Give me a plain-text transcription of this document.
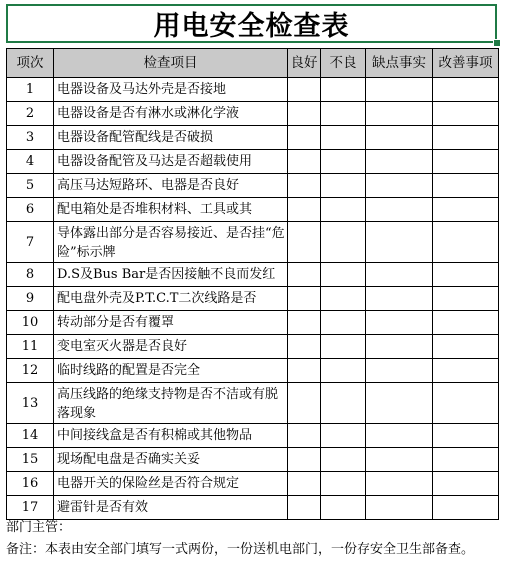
用电安全检查表
项次	检查项目	良好	不良	缺点事实	改善事项
1	电器设备及马达外壳是否接地				
2	电器设备是否有淋水或淋化学液				
3	电器设备配管配线是否破损				
4	电器设备配管及马达是否超载使用				
5	高压马达短路环、电器是否良好				
6	配电箱处是否堆积材料、工具或其				
7	导体露出部分是否容易接近、是否挂“危险”标示牌				
8	D.S及Bus Bar是否因接触不良而发红				
9	配电盘外壳及P.T.C.T二次线路是否				
10	转动部分是否有覆罩				
11	变电室灭火器是否良好				
12	临时线路的配置是否完全				
13	高压线路的绝缘支持物是否不洁或有脱落现象				
14	中间接线盒是否有积棉或其他物品				
15	现场配电盘是否确实关妥				
16	电器开关的保险丝是否符合规定				
17	避雷针是否有效				
部门主管：
备注：本表由安全部门填写一式两份，一份送机电部门，一份存安全卫生部备查。
